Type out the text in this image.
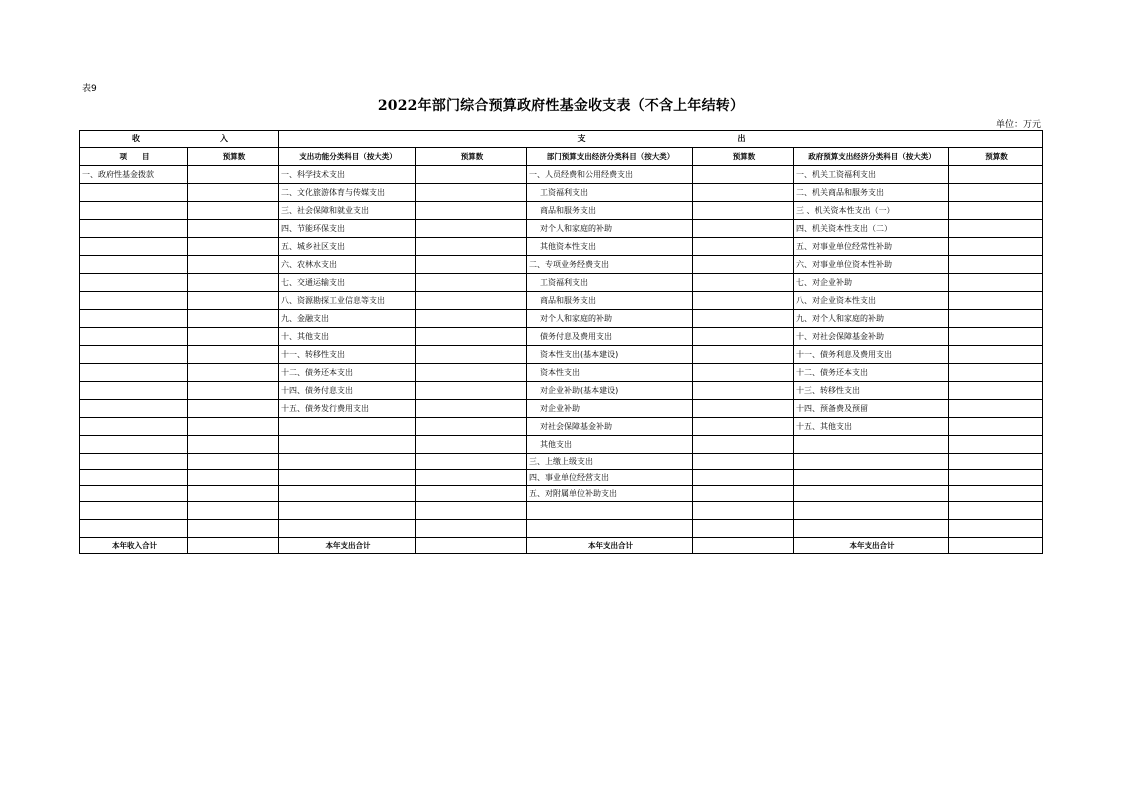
表9
2022年部门综合预算政府性基金收支表（不含上年结转）
单位：万元
收　　　　　　　　　　入		支　　　　　　　　　　　　　　　　　　　出					
项　　目	预算数	支出功能分类科目（按大类）	预算数	部门预算支出经济分类科目（按大类）	预算数	政府预算支出经济分类科目（按大类）	预算数
一、政府性基金拨款		一、科学技术支出		一、人员经费和公用经费支出		一、机关工资福利支出	
		二、文化旅游体育与传媒支出		工资福利支出		二、机关商品和服务支出	
		三、社会保障和就业支出		商品和服务支出		三 、机关资本性支出（一）	
		四、节能环保支出		对个人和家庭的补助		四、机关资本性支出（二）	
		五、城乡社区支出		其他资本性支出		五、对事业单位经常性补助	
		六、农林水支出		二、专项业务经费支出		六、对事业单位资本性补助	
		七、交通运输支出		工资福利支出		七、对企业补助	
		八、资源勘探工业信息等支出		商品和服务支出		八、对企业资本性支出	
		九、金融支出		对个人和家庭的补助		九、对个人和家庭的补助	
		十、其他支出		债务付息及费用支出		十、对社会保障基金补助	
		十一、转移性支出		资本性支出(基本建设)		十一、债务利息及费用支出	
		十二、债务还本支出		资本性支出		十二、债务还本支出	
		十四、债务付息支出		对企业补助(基本建设)		十三、转移性支出	
		十五、债务发行费用支出		对企业补助		十四、预备费及预留	
				对社会保障基金补助		十五、其他支出	
				其他支出			
				三、上缴上级支出			
				四、事业单位经营支出			
				五、对附属单位补助支出			

本年收入合计		本年支出合计		本年支出合计		本年支出合计	
